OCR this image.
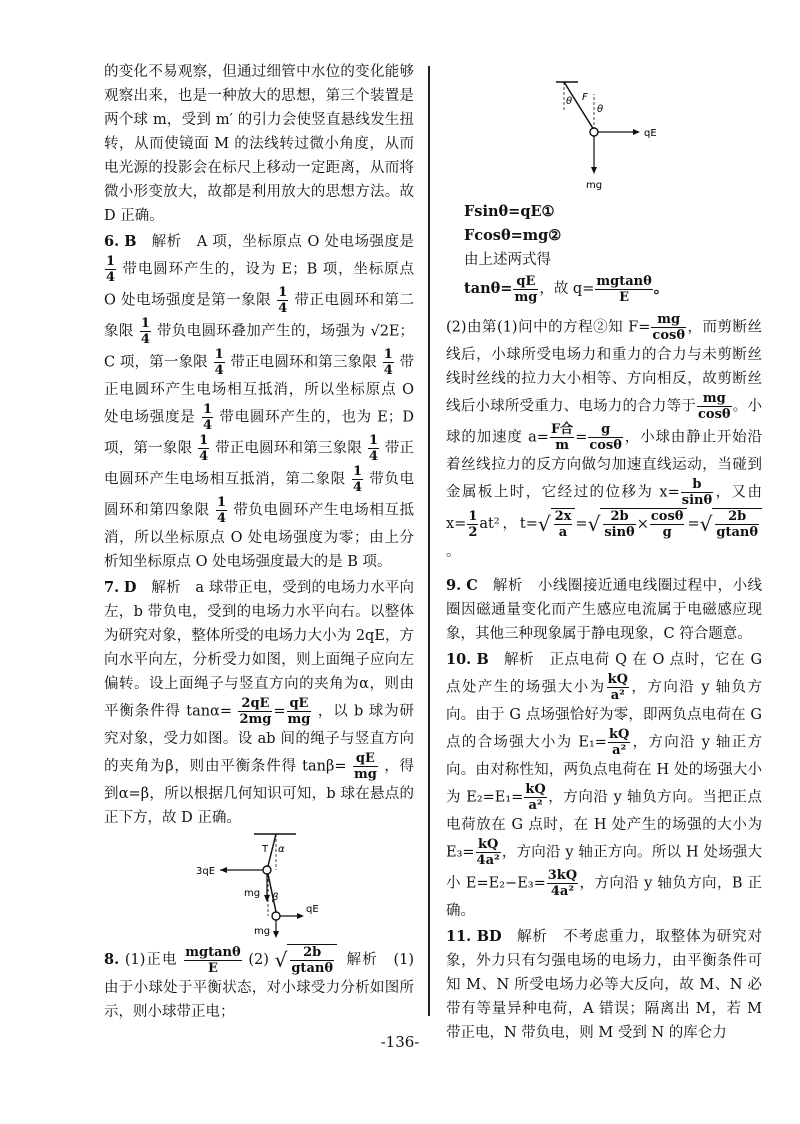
的变化不易观察，但通过细管中水位的变化能够观察出来，也是一种放大的思想，第三个装置是两个球 m，受到 m′ 的引力会使竖直悬线发生扭转，从而使镜面 M 的法线转过微小角度，从而电光源的投影会在标尺上移动一定距离，从而将微小形变放大，故都是利用放大的思想方法。故 D 正确。

6. B 解析 A 项，坐标原点 O 处电场强度是
$\frac{1}{4}$ 带电圆环产生的，设为 E；B 项，坐标原点 O 处电场强度是第一象限 $\frac{1}{4}$ 带正电圆环和第二象限 $\frac{1}{4}$ 带负电圆环叠加产生的，场强为 √2E；C 项，第一象限 $\frac{1}{4}$ 带正电圆环和第三象限 $\frac{1}{4}$ 带正电圆环产生电场相互抵消，所以坐标原点 O 处电场强度是 $\frac{1}{4}$ 带电圆环产生的，也为 E；D 项，第一象限 $\frac{1}{4}$ 带正电圆环和第三象限 $\frac{1}{4}$ 带正电圆环产生电场相互抵消，第二象限 $\frac{1}{4}$ 带负电圆环和第四象限 $\frac{1}{4}$ 带负电圆环产生电场相互抵消，所以坐标原点 O 处电场强度为零；由上分析知坐标原点 O 处电场强度最大的是 B 项。

7. D 解析 a 球带正电，受到的电场力水平向左，b 带负电，受到的电场力水平向右。以整体为研究对象，整体所受的电场力大小为 2qE，方向水平向左，分析受力如图，则上面绳子应向左偏转。设上面绳子与竖直方向的夹角为α，则由平衡条件得 $\tan\alpha= \frac{2qE}{2mg} = \frac{qE}{mg}$ ，以 b 球为研究对象，受力如图。设 ab 间的绳子与竖直方向的夹角为β，则由平衡条件得 $\tan\beta= \frac{qE}{mg}$ ，得到α=β，所以根据几何知识可知，b 球在悬点的正下方，故 D 正确。

T α
3qE
mg β
qE
mg

8. (1)正电 $\frac{mgtan\theta}{E} (2)$ √ $\frac{2b}{gtan\theta}$ 解析 (1) 由于小球处于平衡状态，对小球受力分析如图所示，则小球带正电；

θ F
θ
qE
mg
Fsinθ=qE①
Fcosθ=mg②
由上述两式得
$\tan\theta= \frac{qE}{mg}$ ，故 $q= \frac{mgtan\theta}{E}$ 。

(2)由第(1)问中的方程②知 $F= \frac{mg}{\cos\theta}$ ，而剪断丝线后，小球所受电场力和重力的合力与未剪断丝线时丝线的拉力大小相等、方向相反，故剪断丝线后小球所受重力、电场力的合力等于 $\frac{mg}{\cos\theta}$ 。小球的加速度 $a= \frac{\text{F合}}{m} = \frac{g}{\cos\theta}$ ，小球由静止开始沿着丝线拉力的反方向做匀加速直线运动，当碰到金属板上时，它经过的位移为 $x= \frac{b}{\sin\theta}$ ，又由 $x= \frac{1}{2} at^2$，$t=√ \frac{2x}{a}$ =√ $\frac{2b}{\sin\theta} \times \frac{\cos\theta}{g}$ =√ $\frac{2b}{gtan\theta}$
。

9. C 解析 小线圈接近通电线圈过程中，小线圈因磁通量变化而产生感应电流属于电磁感应现象，其他三种现象属于静电现象，C 符合题意。

10. B 解析 正点电荷 Q 在 O 点时，它在 G 点处产生的场强大小为 $\frac{kQ}{\text{a²}}$ ，方向沿 y 轴负方向。由于 G 点场强恰好为零，即两负点电荷在 G 点的合场强大小为 $E_1= \frac{kQ}{\text{a²}}$ ，方向沿 y 轴正方向。由对称性知，两负点电荷在 H 处的场强大小为 $E_2=E_1= \frac{kQ}{\text{a²}}$ ，方向沿 y 轴负方向。当把正点电荷放在 G 点时，在 H 处产生的场强的大小为 $E_3= \frac{kQ}{\text{4a²}}$ ，方向沿 y 轴正方向。所以 H 处场强大小 $E=E_2-E_3= \frac{3kQ}{\text{4a²}}$ ，方向沿 y 轴负方向，B 正确。

11. BD 解析 不考虑重力，取整体为研究对象，外力只有匀强电场的电场力，由平衡条件可知 M、N 所受电场力必等大反向，故 M、N 必带有等量异种电荷，A 错误；隔离出 M，若 M 带正电，N 带负电，则 M 受到 N 的库仑力

-136-
